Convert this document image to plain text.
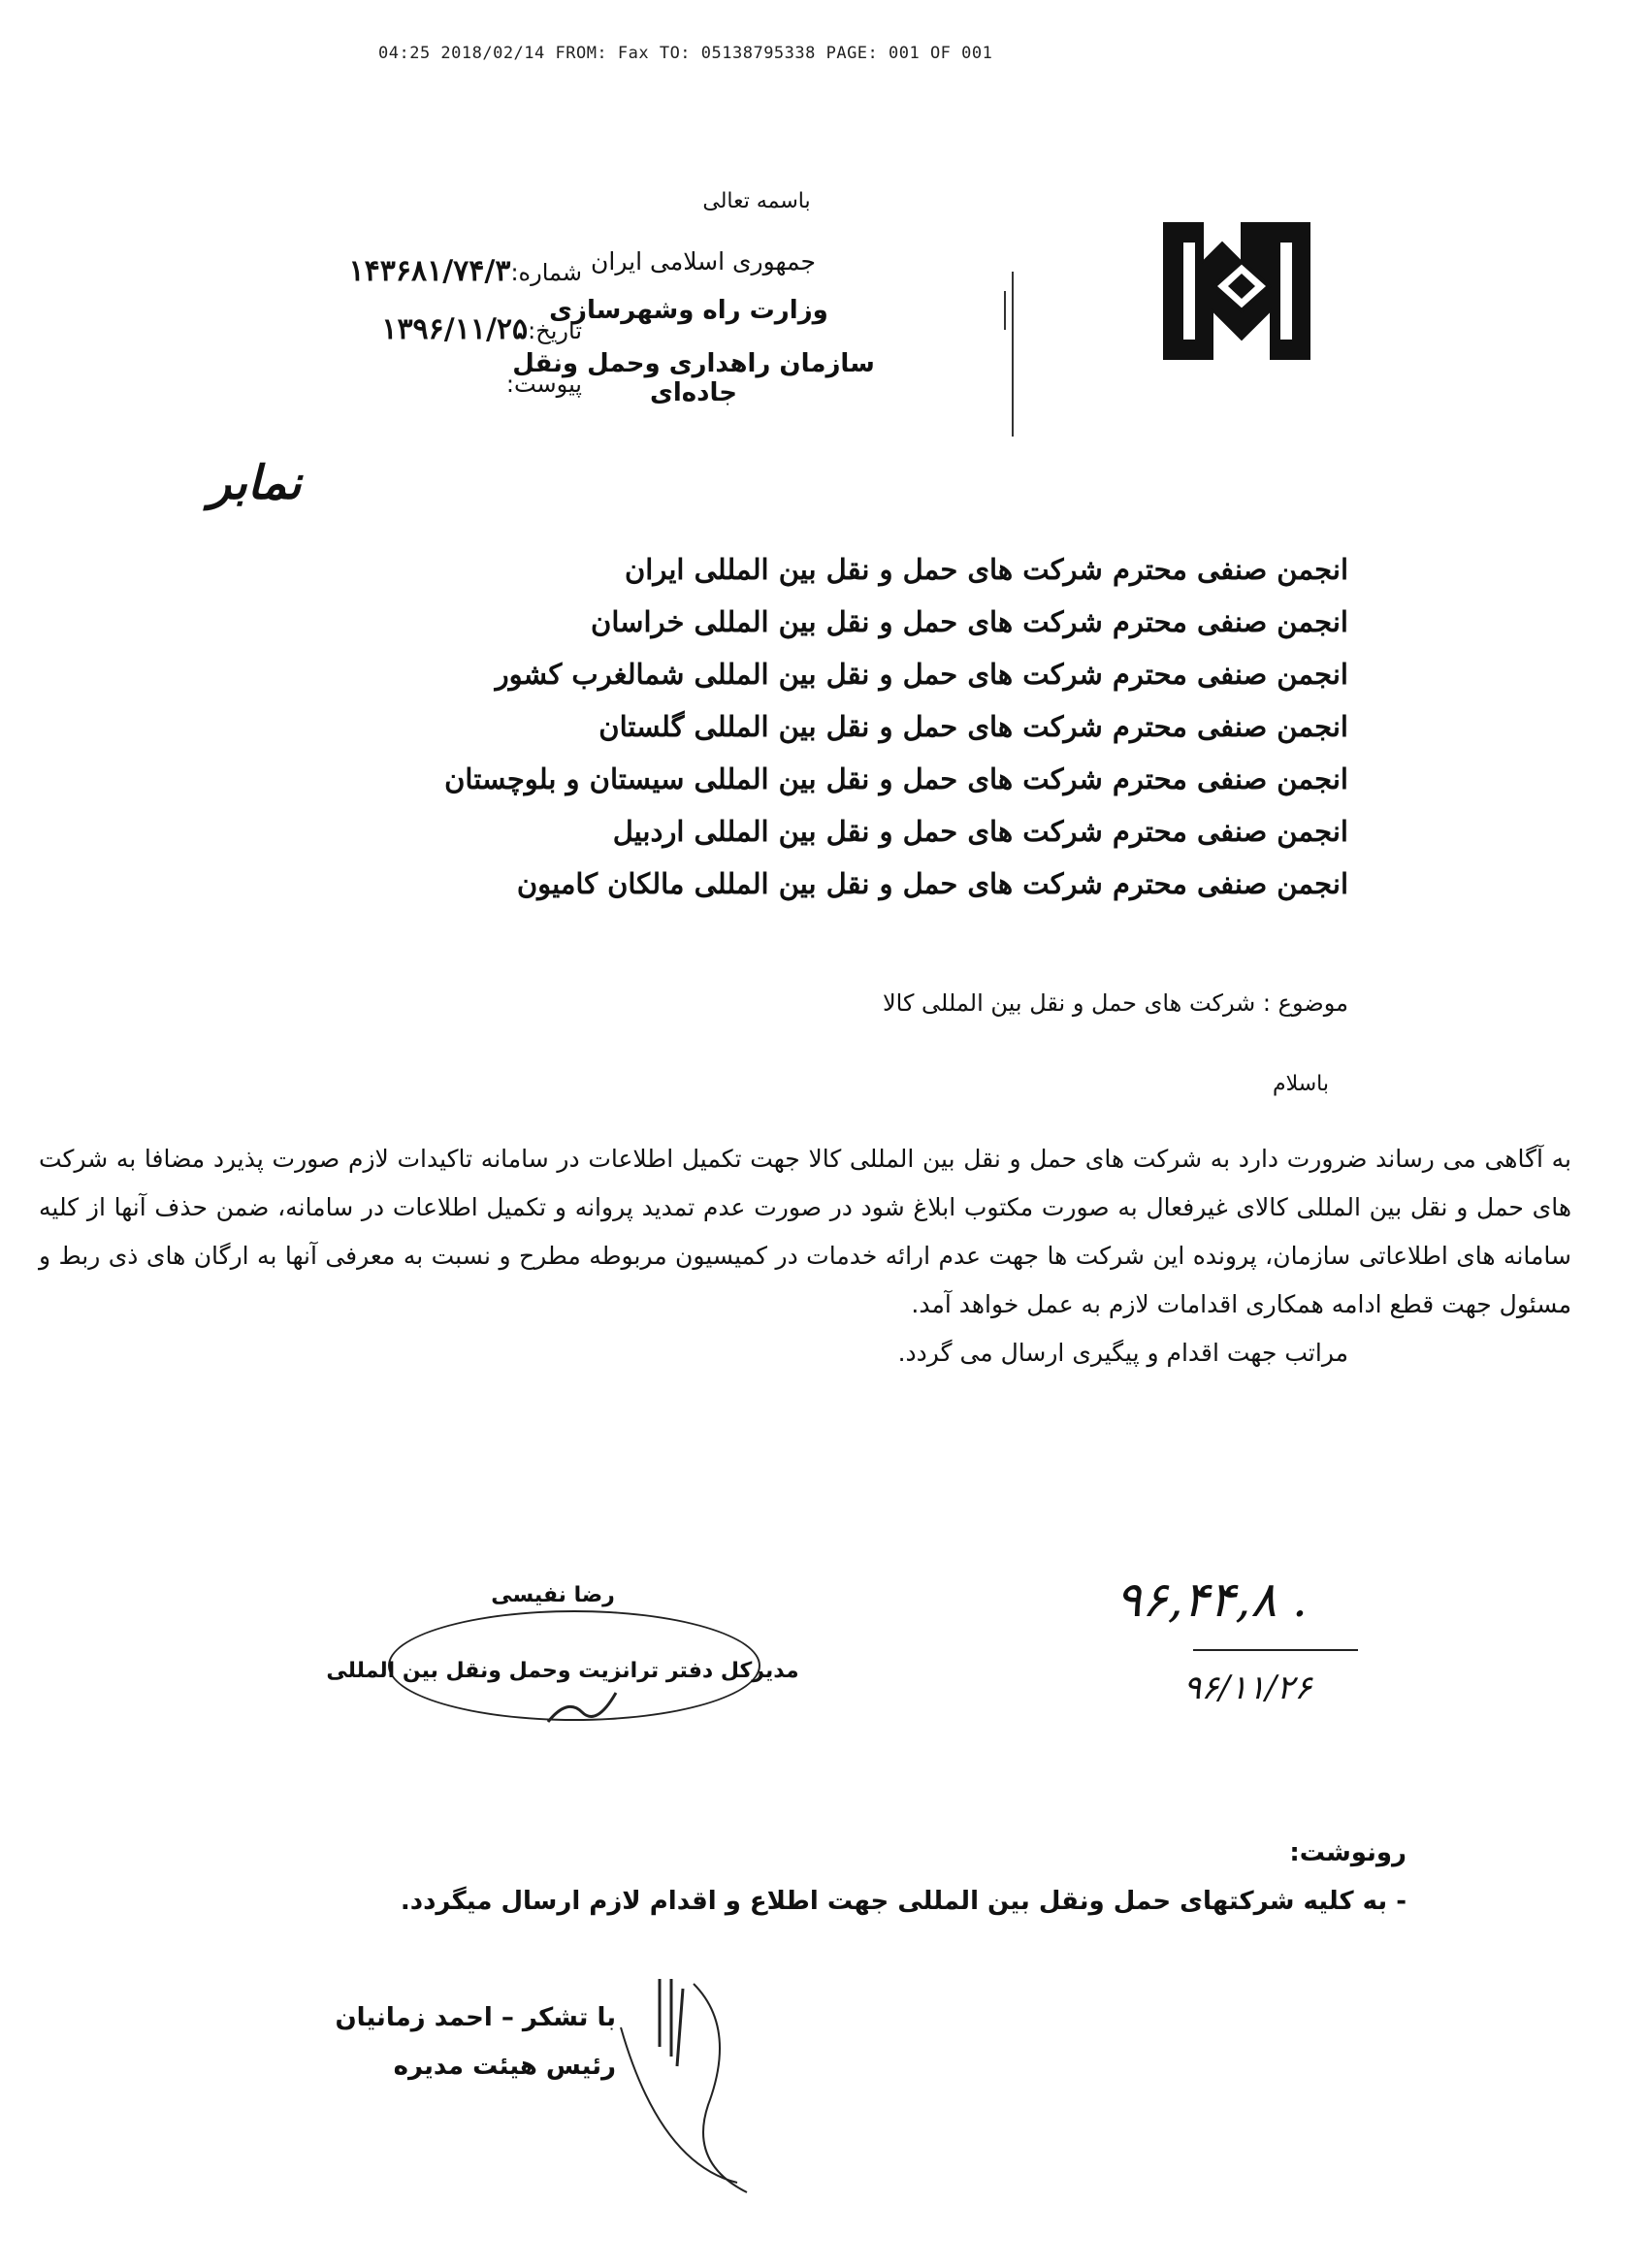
04:25 2018/02/14 FROM: Fax TO: 05138795338 PAGE: 001 OF 001
باسمه تعالی
جمهوری اسلامی ایران
وزارت راه وشهرسازی
سازمان راهداری وحمل ونقل جاده‌ای
شماره:۱۴۳۶۸۱/۷۴/۳
تاریخ:۱۳۹۶/۱۱/۲۵
پیوست:
نمابر
انجمن صنفی محترم شرکت های حمل و نقل بین المللی ایران
انجمن صنفی محترم شرکت های حمل و نقل بین المللی خراسان
انجمن صنفی محترم شرکت های حمل و نقل بین المللی شمالغرب کشور
انجمن صنفی محترم شرکت های حمل و نقل بین المللی گلستان
انجمن صنفی محترم شرکت های حمل و نقل بین المللی سیستان و بلوچستان
انجمن صنفی محترم شرکت های حمل و نقل بین المللی اردبیل
انجمن صنفی محترم شرکت های حمل و نقل بین المللی مالکان کامیون
موضوع : شرکت های حمل و نقل بین المللی کالا
باسلام

به آگاهی می رساند ضرورت دارد به شرکت های حمل و نقل بین المللی کالا جهت تکمیل اطلاعات در سامانه تاکیدات لازم صورت پذیرد مضافا به شرکت های حمل و نقل بین المللی کالای غیرفعال به صورت مکتوب ابلاغ شود در صورت عدم تمدید پروانه و تکمیل اطلاعات در سامانه، ضمن حذف آنها از کلیه سامانه های اطلاعاتی سازمان، پرونده این شرکت ها جهت عدم ارائه خدمات در کمیسیون مربوطه مطرح و نسبت به معرفی آنها به ارگان های ذی ربط و مسئول جهت قطع ادامه همکاری اقدامات لازم به عمل خواهد آمد.

مراتب جهت اقدام و پیگیری ارسال می گردد.

رضا نفیسی
مدیرکل دفتر ترانزیت وحمل ونقل بین المللی
۹۶,۴۴,۸ .
۹۶/۱۱/۲۶
رونوشت:
- به کلیه شرکتهای حمل ونقل بین المللی جهت اطلاع و اقدام لازم ارسال میگردد.
با تشکر – احمد زمانیان
رئیس هیئت مدیره
